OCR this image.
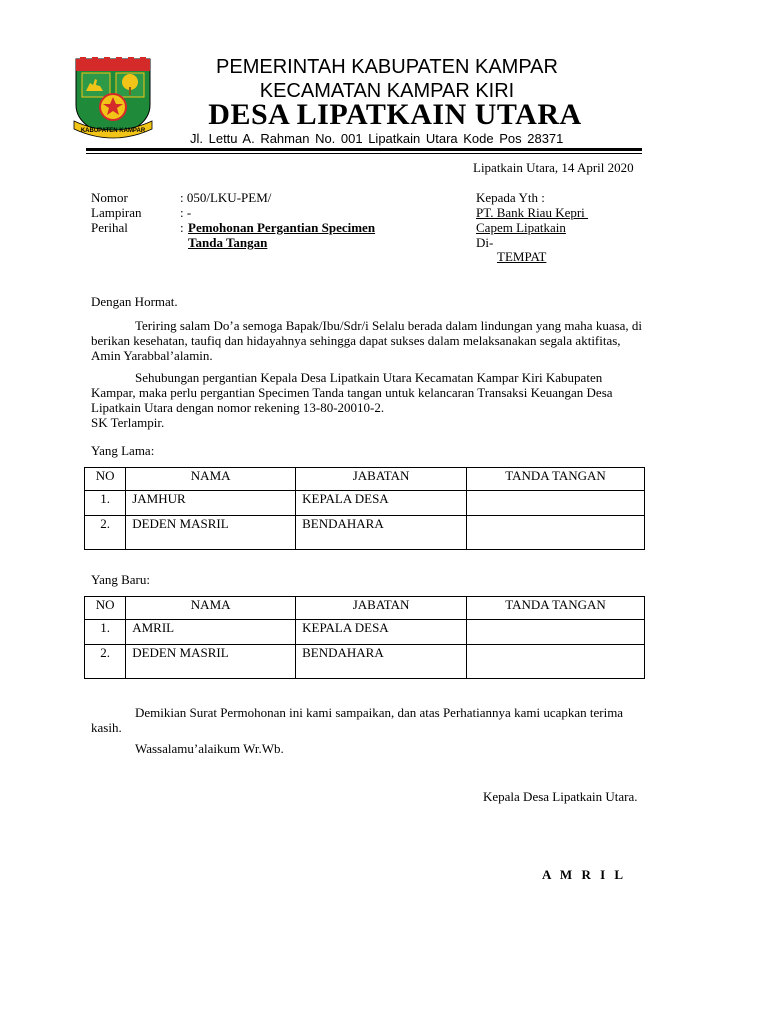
KABUPATEN KAMPAR
PEMERINTAH KABUPATEN KAMPAR
KECAMATAN KAMPAR KIRI
DESA LIPATKAIN UTARA
Jl. Lettu A. Rahman No. 001 Lipatkain Utara Kode Pos 28371
Lipatkain Utara, 14 April 2020
Nomor	: 050/LKU-PEM/
Lampiran	: -
Perihal	: Pemohonan Pergantian Specimen
Tanda Tangan
Kepada Yth :
PT. Bank Riau Kepri
Capem Lipatkain
Di-
TEMPAT
Dengan Hormat.
Teriring salam Do’a semoga Bapak/Ibu/Sdr/i Selalu berada dalam lindungan yang maha kuasa, di
berikan kesehatan, taufiq dan hidayahnya sehingga dapat sukses dalam melaksanakan segala aktifitas,
Amin Yarabbal’alamin.
Sehubungan pergantian Kepala Desa Lipatkain Utara Kecamatan Kampar Kiri Kabupaten
Kampar, maka perlu pergantian Specimen Tanda tangan untuk kelancaran Transaksi Keuangan Desa
Lipatkain Utara dengan nomor rekening 13-80-20010-2.
SK Terlampir.
Yang Lama:
NO	NAMA	JABATAN	TANDA TANGAN
1.	JAMHUR	KEPALA DESA	
2.	DEDEN MASRIL	BENDAHARA	
Yang Baru:
NO	NAMA	JABATAN	TANDA TANGAN
1.	AMRIL	KEPALA DESA	
2.	DEDEN MASRIL	BENDAHARA	
Demikian Surat Permohonan ini kami sampaikan, dan atas Perhatiannya kami ucapkan terima
kasih.
Wassalamu’alaikum Wr.Wb.
Kepala Desa Lipatkain Utara.
A M R I L
